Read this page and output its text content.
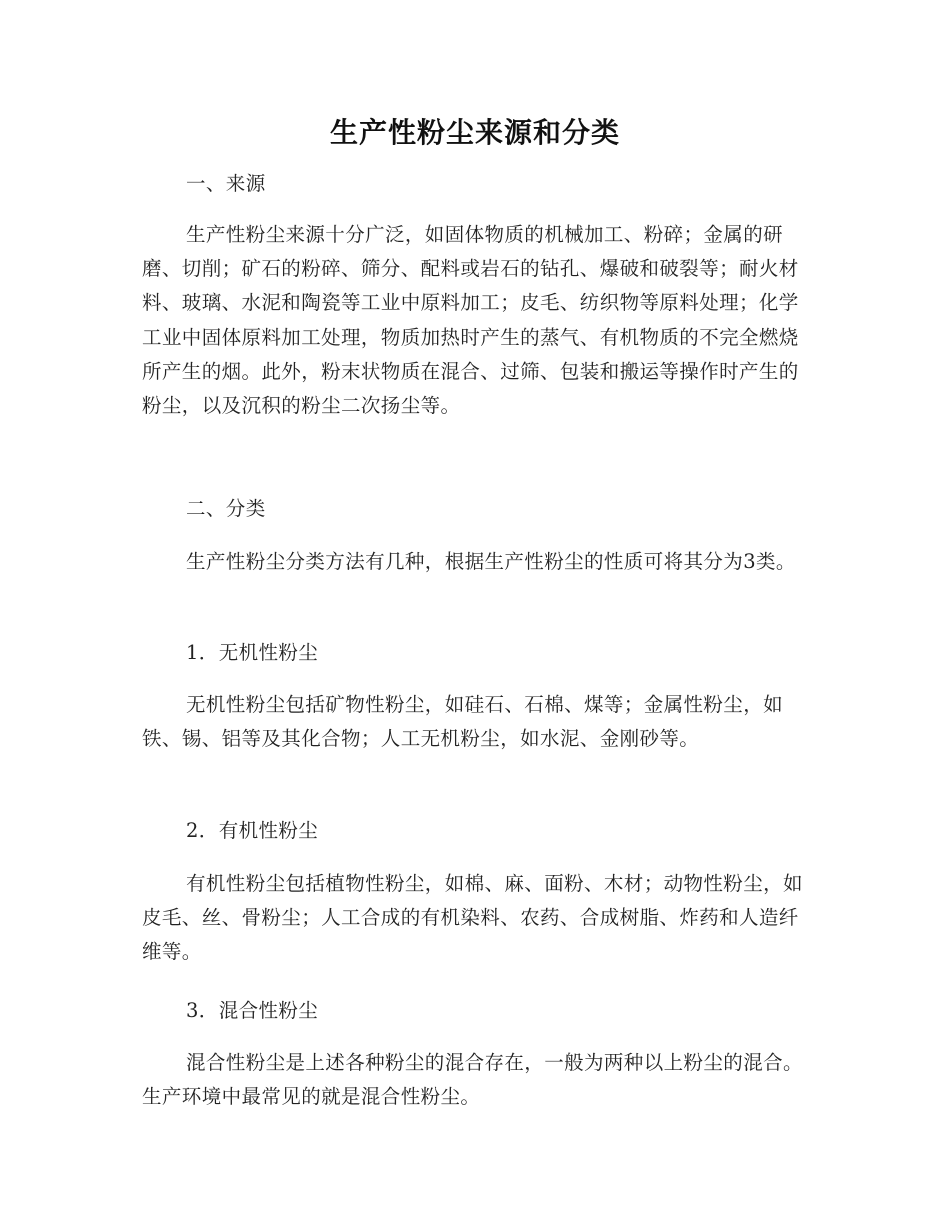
生产性粉尘来源和分类

一、来源

生产性粉尘来源十分广泛，如固体物质的机械加工、粉碎；金属的研磨、切削；矿石的粉碎、筛分、配料或岩石的钻孔、爆破和破裂等；耐火材料、玻璃、水泥和陶瓷等工业中原料加工；皮毛、纺织物等原料处理；化学工业中固体原料加工处理，物质加热时产生的蒸气、有机物质的不完全燃烧所产生的烟。此外，粉末状物质在混合、过筛、包装和搬运等操作时产生的粉尘，以及沉积的粉尘二次扬尘等。

二、分类

生产性粉尘分类方法有几种，根据生产性粉尘的性质可将其分为3类。

1．无机性粉尘

无机性粉尘包括矿物性粉尘，如硅石、石棉、煤等；金属性粉尘，如铁、锡、铝等及其化合物；人工无机粉尘，如水泥、金刚砂等。

2．有机性粉尘

有机性粉尘包括植物性粉尘，如棉、麻、面粉、木材；动物性粉尘，如皮毛、丝、骨粉尘；人工合成的有机染料、农药、合成树脂、炸药和人造纤维等。

3．混合性粉尘

混合性粉尘是上述各种粉尘的混合存在，一般为两种以上粉尘的混合。生产环境中最常见的就是混合性粉尘。
